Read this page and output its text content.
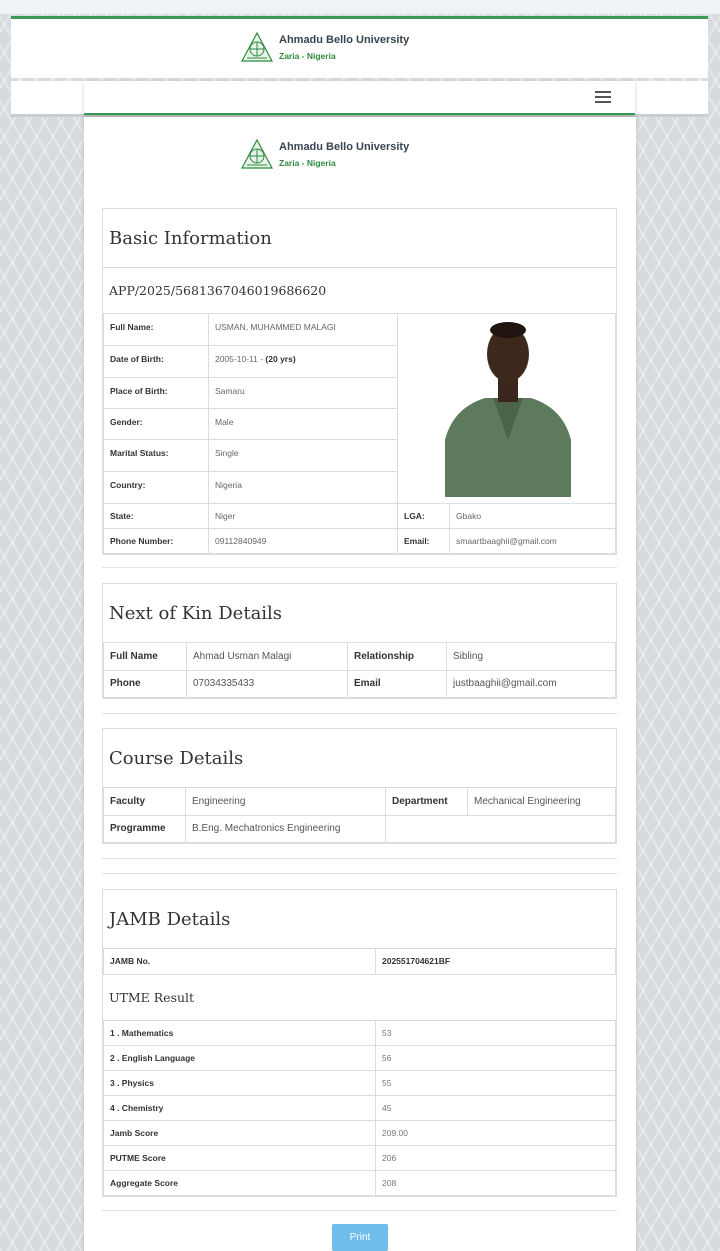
Ahmadu Bello University
Zaria - Nigeria
Ahmadu Bello University
Zaria - Nigeria
Basic Information
APP/2025/5681367046019686620
Full Name:	USMAN, MUHAMMED MALAGI		
Date of Birth:	2005-10-11 - (20 yrs)		
Place of Birth:	Samaru		
Gender:	Male		
Marital Status:	Single		
Country:	Nigeria		
State:	Niger	LGA:	Gbako
Phone Number:	09112840949	Email:	smaartbaaghii@gmail.com
Next of Kin Details
Full Name	Ahmad Usman Malagi	Relationship	Sibling
Phone	07034335433	Email	justbaaghii@gmail.com
Course Details
Faculty	Engineering	Department	Mechanical Engineering
Programme	B.Eng. Mechatronics Engineering		
JAMB Details
JAMB No.	202551704621BF
UTME Result
1 . Mathematics	53
2 . English Language	56
3 . Physics	55
4 . Chemistry	45
Jamb Score	209.00
PUTME Score	206
Aggregate Score	208
Print
